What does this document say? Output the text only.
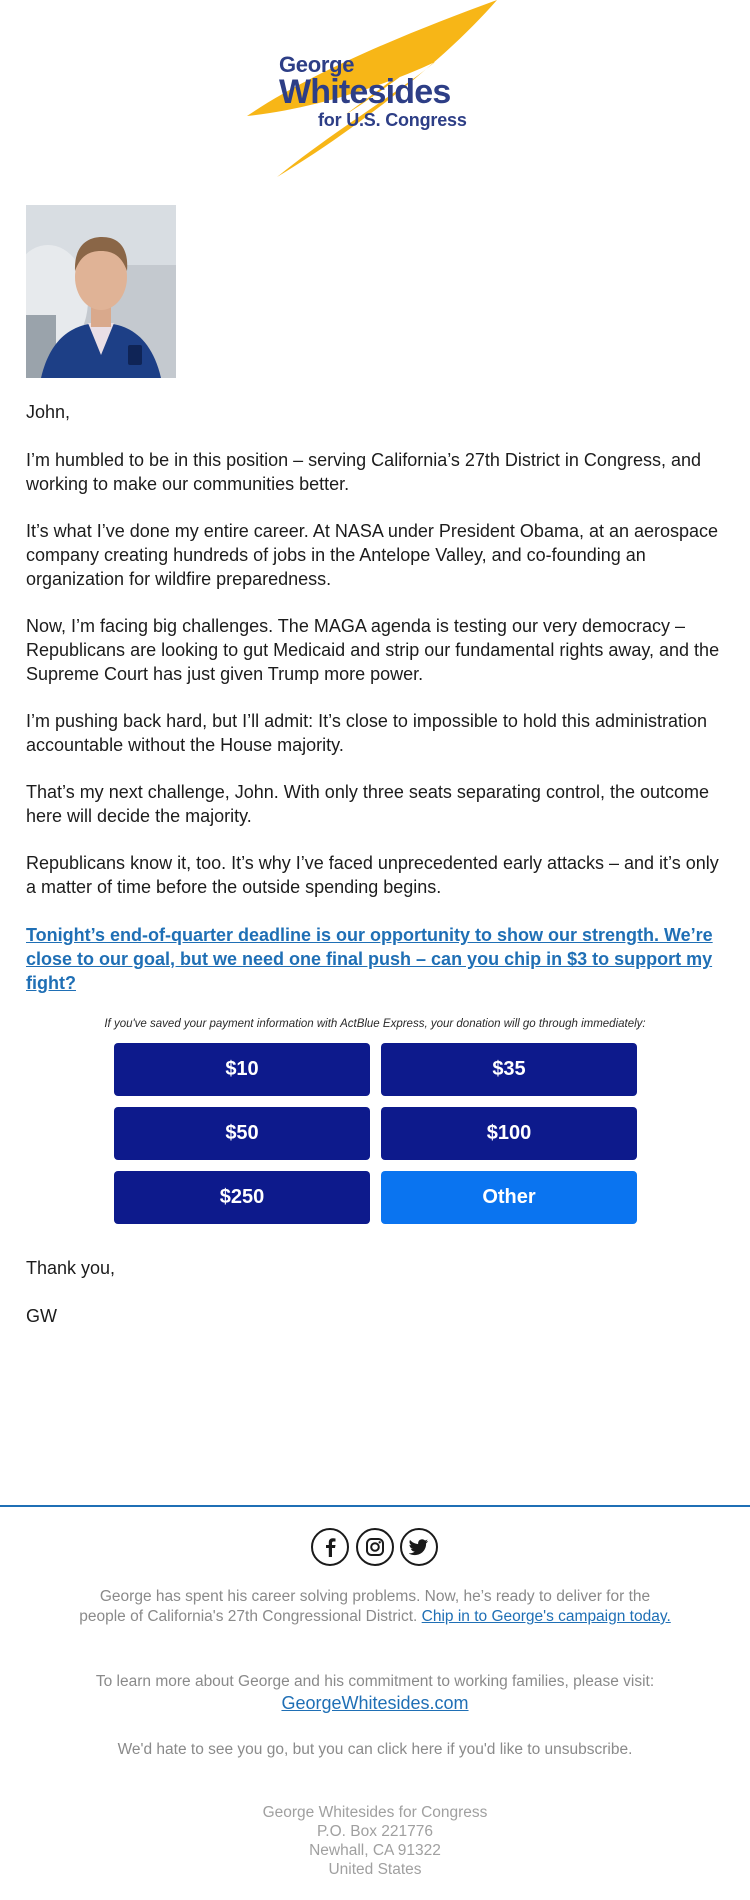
George
Whitesides
for U.S. Congress

John,

I’m humbled to be in this position – serving California’s 27th District in Congress, and working to make our communities better.

It’s what I’ve done my entire career. At NASA under President Obama, at an aerospace company creating hundreds of jobs in the Antelope Valley, and co-founding an organization for wildfire preparedness.

Now, I’m facing big challenges. The MAGA agenda is testing our very democracy – Republicans are looking to gut Medicaid and strip our fundamental rights away, and the Supreme Court has just given Trump more power.

I’m pushing back hard, but I’ll admit: It’s close to impossible to hold this administration accountable without the House majority.

That’s my next challenge, John. With only three seats separating control, the outcome here will decide the majority.

Republicans know it, too. It’s why I’ve faced unprecedented early attacks – and it’s only a matter of time before the outside spending begins.

Tonight’s end-of-quarter deadline is our opportunity to show our strength. We’re close to our goal, but we need one final push – can you chip in $3 to support my fight?
If you've saved your payment information with ActBlue Express, your donation will go through immediately:
$10	$35
$50	$100
$250	Other
Thank you,
GW
George has spent his career solving problems. Now, he’s ready to deliver for the people of California's 27th Congressional District. Chip in to George's campaign today.
To learn more about George and his commitment to working families, please visit:
GeorgeWhitesides.com
We'd hate to see you go, but you can click here if you'd like to unsubscribe.
George Whitesides for Congress
P.O. Box 221776
Newhall, CA 91322
United States
